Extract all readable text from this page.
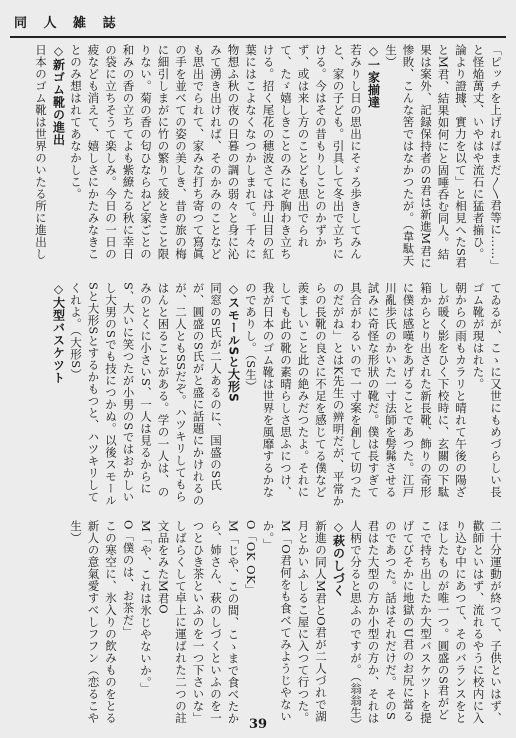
同 人 雑 誌

「ピッチを上げればまだ〳〵君等に……」と怪焔萬丈、いやはや流石に猛者揃ひ。

論より證據、實力を以て」と相見へたS君とM君、結果如何にと固唾呑む同人。結果は案外、記録保持者のS君は新進M君に惨敗、こんな筈ではなかつたが。（韋駄天生）

◇一家揃達

若みりし日の思出にそゞろ歩きしてみんと、家の子ども。引具して冬出で立ちにける。今はその昔もりしことのかずかず、或は来し方のことども思出でられて、たゞ嬉しきことのみにぞ胸わき立ちける。招く尾花の穂波さては丹山目の紅葉にはこよなくなつかしまれて。千々に物想ふ秋の夜の日暮の調の弱々と身に沁みて湧き出ければ、そのかみのことなども思出でられて、家みな打ち寄つて寫眞の手を並べての姿の美しき、昔の旅の梅に細引しまがに竹の繁りて綾ときこと限りない。菊の香の匂ひならねど家ごとの和みの香の立ちてよも紫繚たる秋に幸日の袋に立ちそうて楽しみ。今日の一日の疲なども消えて、嬉しさにかたみなきことのみ想はれてあなかしこ。

◇新ゴム靴の進出

日本のゴム靴は世界のいたる所に進出し

てゐるが、こゝに又世にもめづらしい長ゴム靴が現はれた。

朝からの雨もカラリと晴れて午後の陽ざしが暖く影をひく下校時に、玄關の下駄箱からとり出された新長靴、飾りの奇形に僕は感嘆をあげることであつた。江戸川亂歩氏のかいた一寸法師を髣髴させる試みに奇怪な形狀の靴だ。僕は長すぎて具合がわるいので一寸案を創して切つたのだがね」とはK先生の辨明だが、平常からの長靴の良さに不足を感じてる僕など羨ましいこと此の絶みだつたよ。それにしても此の靴の素晴らしさ思ふにつけ、我が日本のゴム靴は世界を風靡するかなのでありし。（S生）

◇スモールSと大形S

同窓のS氏が二人あるのに、国盛のS氏が、圓盛のS氏がと盛に話題にかけれるのが、二人ともSSだぞ。ハツキリしてもらはんと困ることがある。学の一人は、のみのとくに小さいS、一人は見るからにS、大いに笑つたが小男のSではおかしいし大男のSでも技につかぬ。以後スモールSと大形Sとするかもつと、ハツキリしてくれよ。（大形S）

◇大型バスケツト

二十分運動が終つて、子供といはず、歡師といはず、流れるやうに校内に入り込む中にあつて、そのバランスをとほしたものが唯一つ。圓盛のS君がどこで持ち出したか大型バスケツトを提げてびそかに地獄のU君のお尻に當るのであつた。話はそれだけだ。そのS君はた大型の方か小型の方か、それは人柄で分ると思ふのですが。（翁翁生）

◇萩のしづく

新進の同人M君とO君が二人づれで湖月とかいふしるこ屋に入つて行つた。

M「O君何をも食べてみようじやないか。」

O「OK OK」

M「じや、この間、こゝまで食べたから、姉さん、萩のしづくといふのを一つとひき茶といふのを一つ下さいな」

しばらくして卓上に運ばれた二つの註文品をみたM君O

M「や、これは氷じやないか。」

O「僕のは、お茶だ」

この寒空に、氷入りの飲みものをとる新人の意氣愛すべしフフン（恋るこや生）

39
